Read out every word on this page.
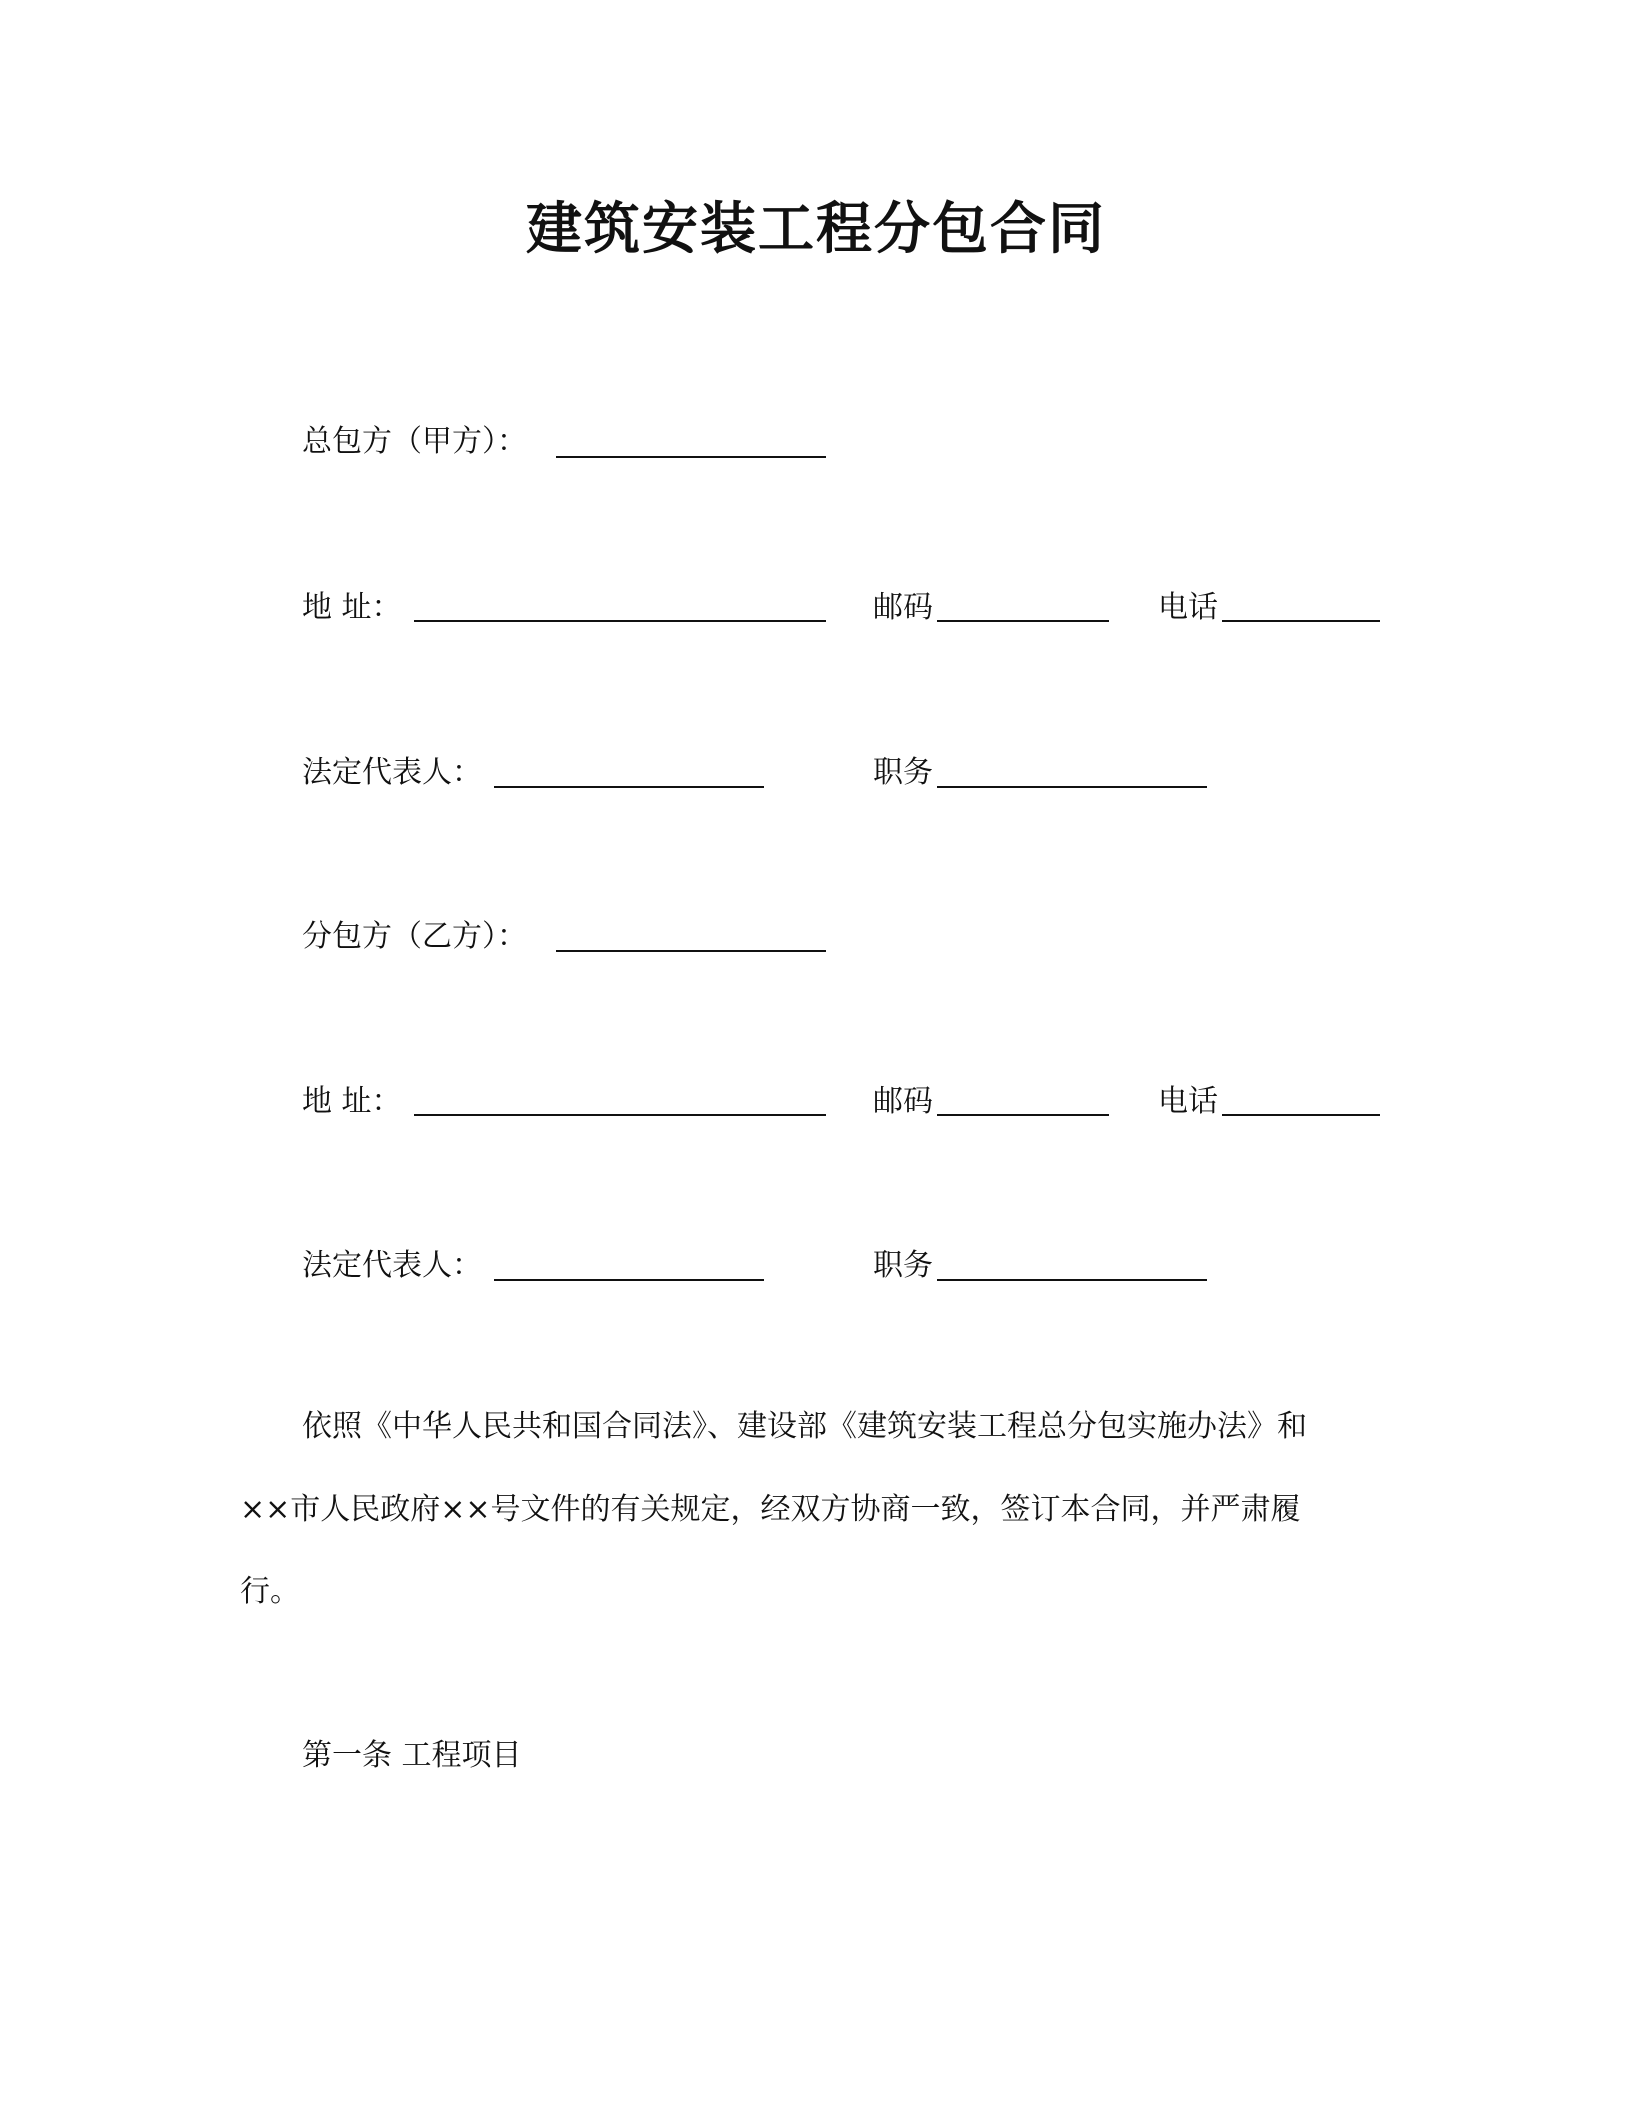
建筑安装工程分包合同
总包方（甲方）：
地 址：	邮码	电话
法定代表人：	职务
分包方（乙方）：
地 址：	邮码	电话
法定代表人：	职务
依照《中华人民共和国合同法》、建设部《建筑安装工程总分包实施办法》和
××市人民政府××号文件的有关规定，经双方协商一致，签订本合同，并严肃履
行。
第一条 工程项目
